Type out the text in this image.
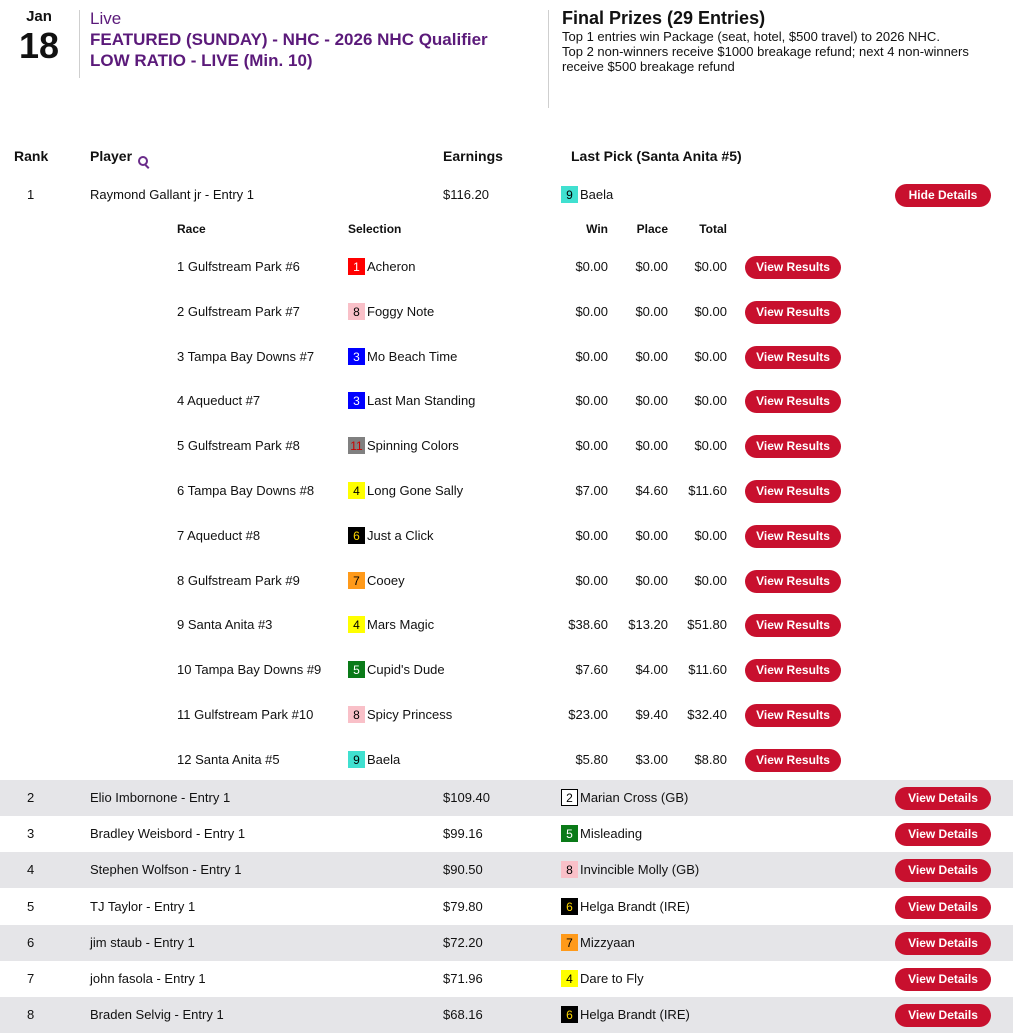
Jan
18
Live
FEATURED (SUNDAY) - NHC - 2026 NHC Qualifier LOW RATIO - LIVE (Min. 10)
Final Prizes (29 Entries)
Top 1 entries win Package (seat, hotel, $500 travel) to 2026 NHC.
Top 2 non-winners receive $1000 breakage refund; next 4 non-winners receive $500 breakage refund
Rank	Player	Earnings	Last Pick (Santa Anita #5)
1	Raymond Gallant jr - Entry 1	$116.20	9 Baela	Hide Details
2	Elio Imbornone - Entry 1	$109.40	2 Marian Cross (GB)	View Details
3	Bradley Weisbord - Entry 1	$99.16	5 Misleading	View Details
4	Stephen Wolfson - Entry 1	$90.50	8 Invincible Molly (GB)	View Details
5	TJ Taylor - Entry 1	$79.80	6 Helga Brandt (IRE)	View Details
6	jim staub - Entry 1	$72.20	7 Mizzyaan	View Details
7	john fasola - Entry 1	$71.96	4 Dare to Fly	View Details
8	Braden Selvig - Entry 1	$68.16	6 Helga Brandt (IRE)	View Details
Race	Selection	Win Place	Total
1 Gulfstream Park #6	1 Acheron	$0.00 $0.00 $0.00	View Results
2 Gulfstream Park #7	8 Foggy Note	$0.00 $0.00 $0.00	View Results
3 Tampa Bay Downs #7	3 Mo Beach Time	$0.00 $0.00 $0.00	View Results
4 Aqueduct #7	3 Last Man Standing	$0.00 $0.00 $0.00	View Results
5 Gulfstream Park #8	11 Spinning Colors	$0.00 $0.00 $0.00	View Results
6 Tampa Bay Downs #8	4 Long Gone Sally	$7.00 $4.60 $11.60	View Results
7 Aqueduct #8	6 Just a Click	$0.00 $0.00 $0.00	View Results
8 Gulfstream Park #9	7 Cooey	$0.00 $0.00 $0.00	View Results
9 Santa Anita #3	4 Mars Magic	$38.60 $13.20 $51.80	View Results
10 Tampa Bay Downs #9	5 Cupid's Dude	$7.60 $4.00 $11.60	View Results
11 Gulfstream Park #10	8 Spicy Princess	$23.00 $9.40 $32.40	View Results
12 Santa Anita #5	9 Baela	$5.80 $3.00 $8.80	View Results
